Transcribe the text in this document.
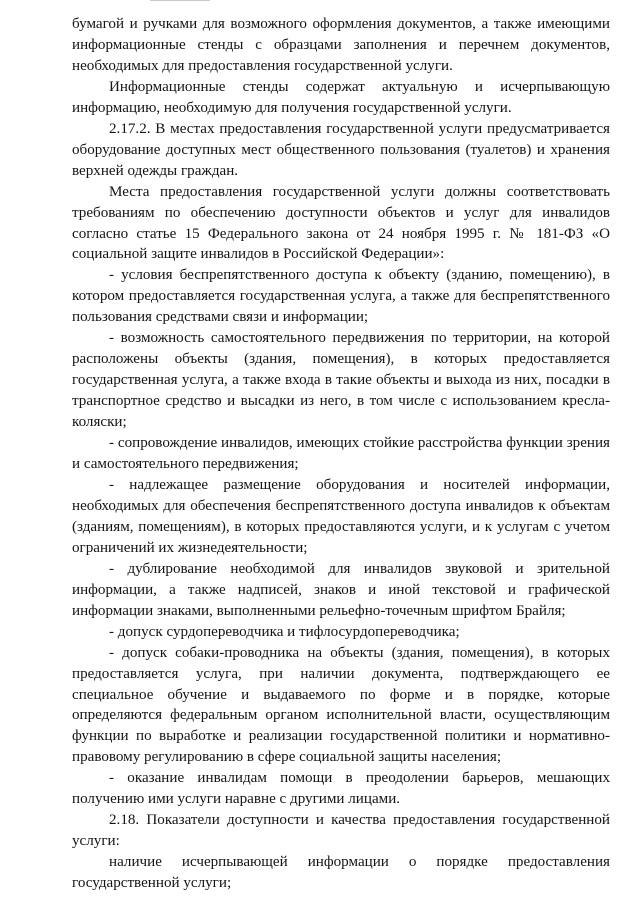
бумагой и ручками для возможного оформления документов, а также имеющими информационные стенды с образцами заполнения и перечнем документов, необходимых для предоставления государственной услуги.

Информационные стенды содержат актуальную и исчерпывающую информацию, необходимую для получения государственной услуги.

2.17.2. В местах предоставления государственной услуги предусматривается оборудование доступных мест общественного пользования (туалетов) и хранения верхней одежды граждан.

Места предоставления государственной услуги должны соответствовать требованиям по обеспечению доступности объектов и услуг для инвалидов согласно статье 15 Федерального закона от 24 ноября 1995 г. № 181-ФЗ «О социальной защите инвалидов в Российской Федерации»:

- условия беспрепятственного доступа к объекту (зданию, помещению), в котором предоставляется государственная услуга, а также для беспрепятственного пользования средствами связи и информации;

- возможность самостоятельного передвижения по территории, на которой расположены объекты (здания, помещения), в которых предоставляется государственная услуга, а также входа в такие объекты и выхода из них, посадки в транспортное средство и высадки из него, в том числе с использованием кресла-коляски;

- сопровождение инвалидов, имеющих стойкие расстройства функции зрения и самостоятельного передвижения;

- надлежащее размещение оборудования и носителей информации, необходимых для обеспечения беспрепятственного доступа инвалидов к объектам (зданиям, помещениям), в которых предоставляются услуги, и к услугам с учетом ограничений их жизнедеятельности;

- дублирование необходимой для инвалидов звуковой и зрительной информации, а также надписей, знаков и иной текстовой и графической информации знаками, выполненными рельефно-точечным шрифтом Брайля;

- допуск сурдопереводчика и тифлосурдопереводчика;

- допуск собаки-проводника на объекты (здания, помещения), в которых предоставляется услуга, при наличии документа, подтверждающего ее специальное обучение и выдаваемого по форме и в порядке, которые определяются федеральным органом исполнительной власти, осуществляющим функции по выработке и реализации государственной политики и нормативно-правовому регулированию в сфере социальной защиты населения;

- оказание инвалидам помощи в преодолении барьеров, мешающих получению ими услуги наравне с другими лицами.

2.18. Показатели доступности и качества предоставления государственной услуги:

наличие исчерпывающей информации о порядке предоставления государственной услуги;
